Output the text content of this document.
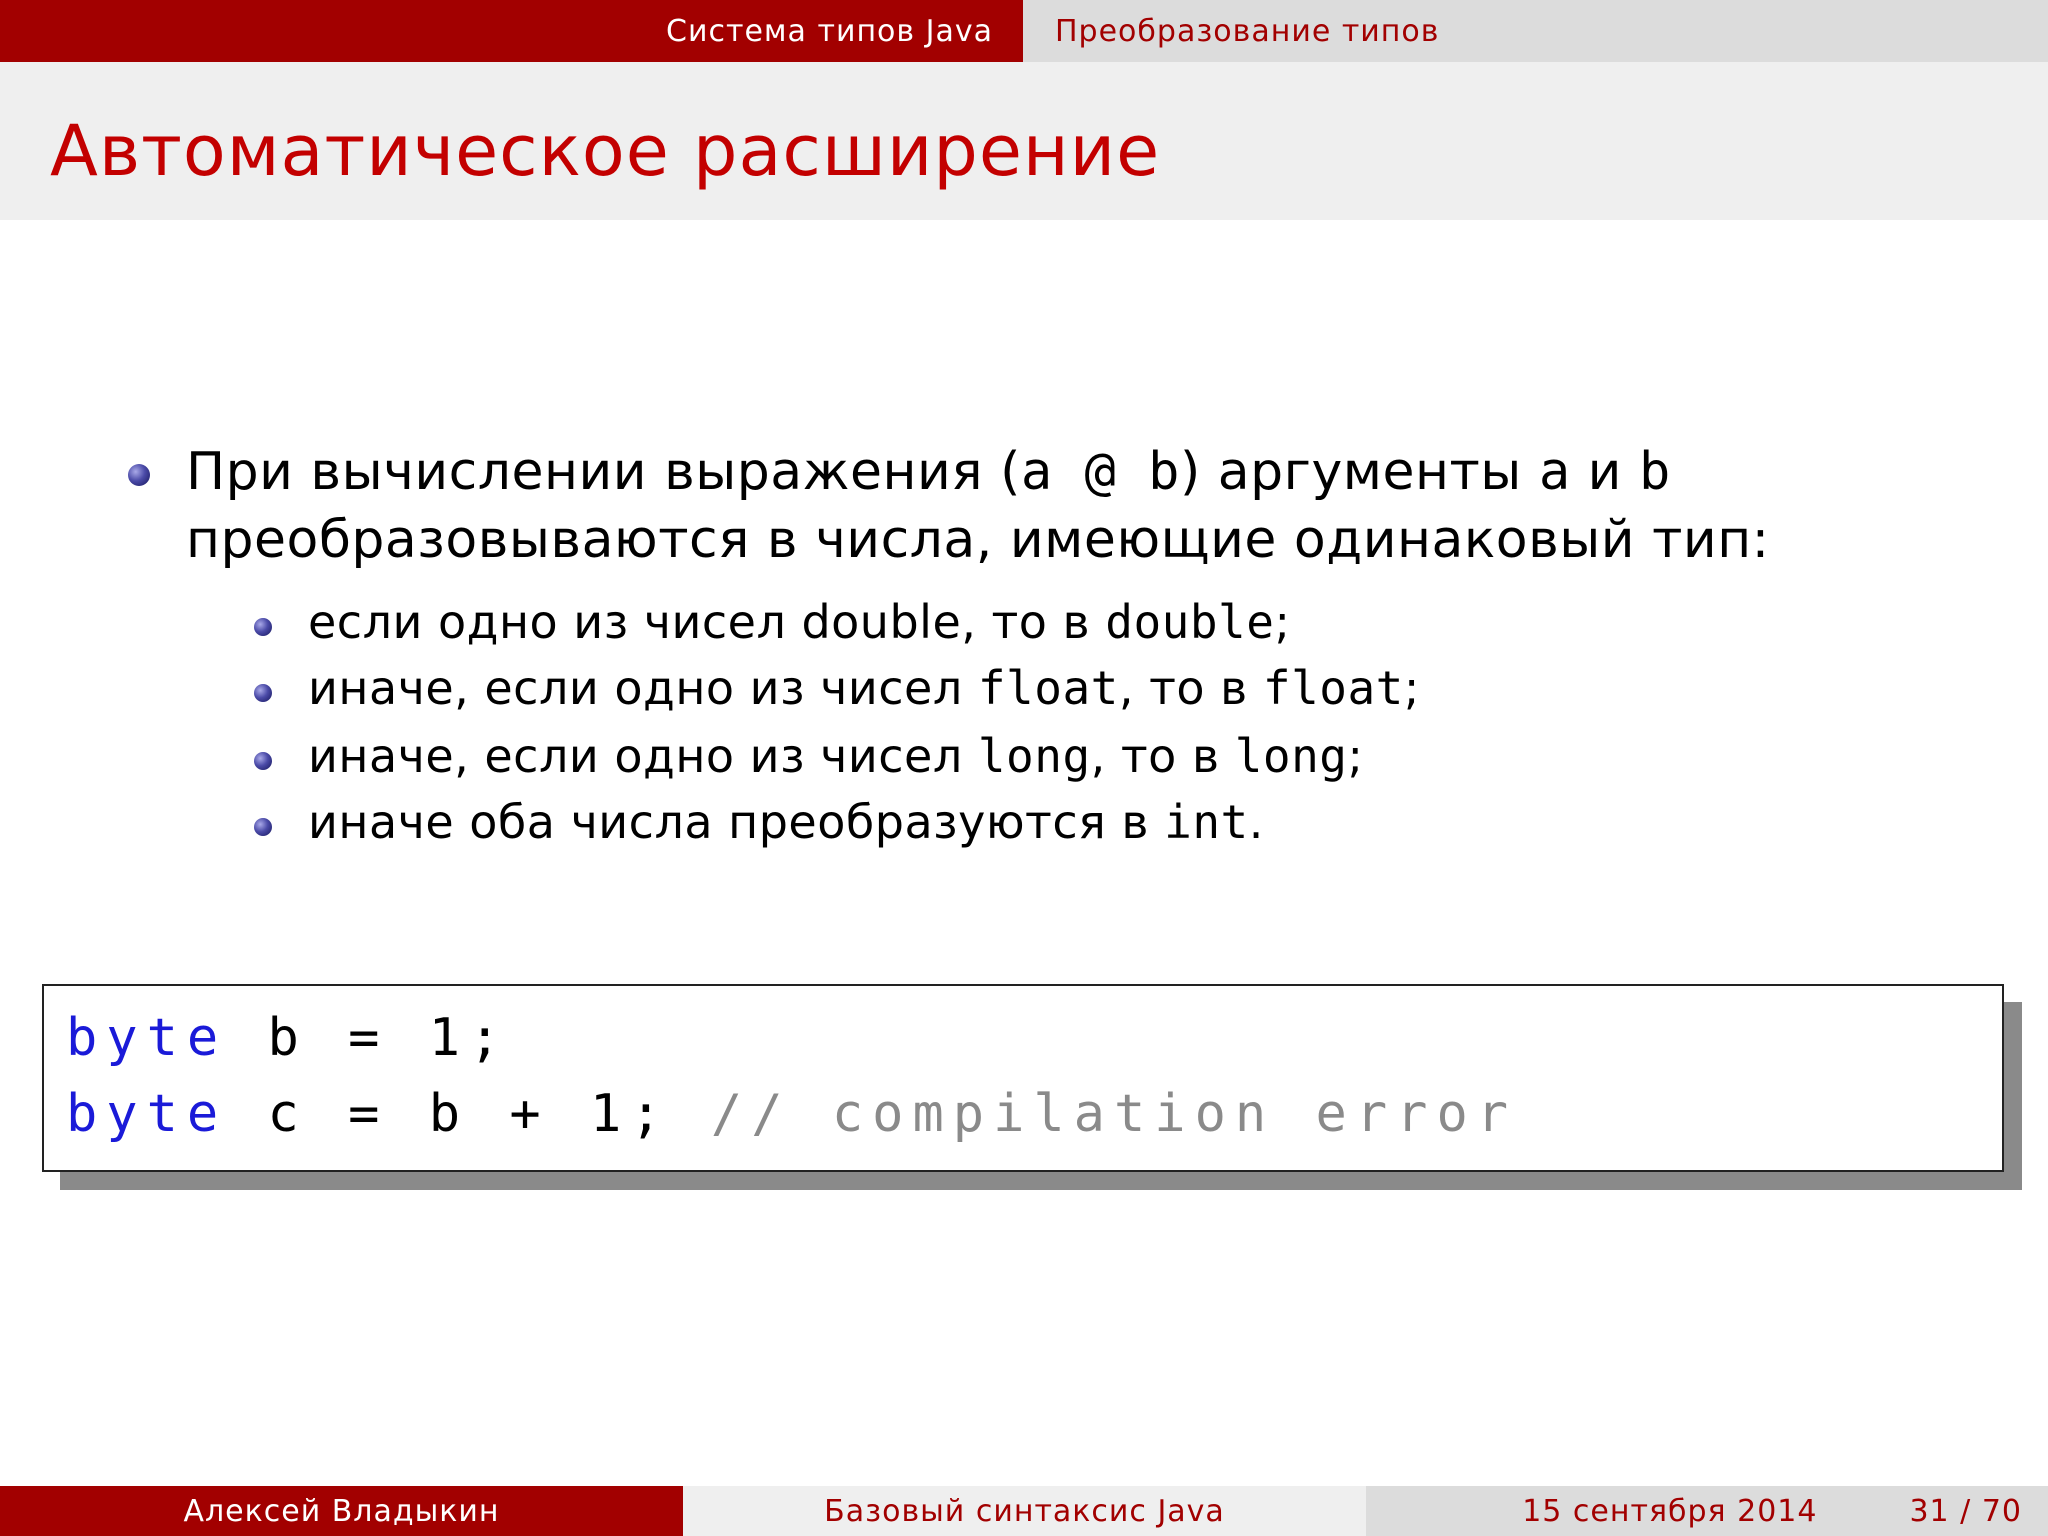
Система типов Java Преобразование типов
Автоматическое расширение
При вычислении выражения (a @ b) аргументы a и b
преобразовываются в числа, имеющие одинаковый тип:
если одно из чисел double, то в double;
иначе, если одно из чисел float, то в float;
иначе, если одно из чисел long, то в long;
иначе оба числа преобразуются в int.
byte b = 1;
byte c = b + 1; // compilation error
Алексей Владыкин	Базовый синтаксис Java	15 сентября 2014	31 / 70
